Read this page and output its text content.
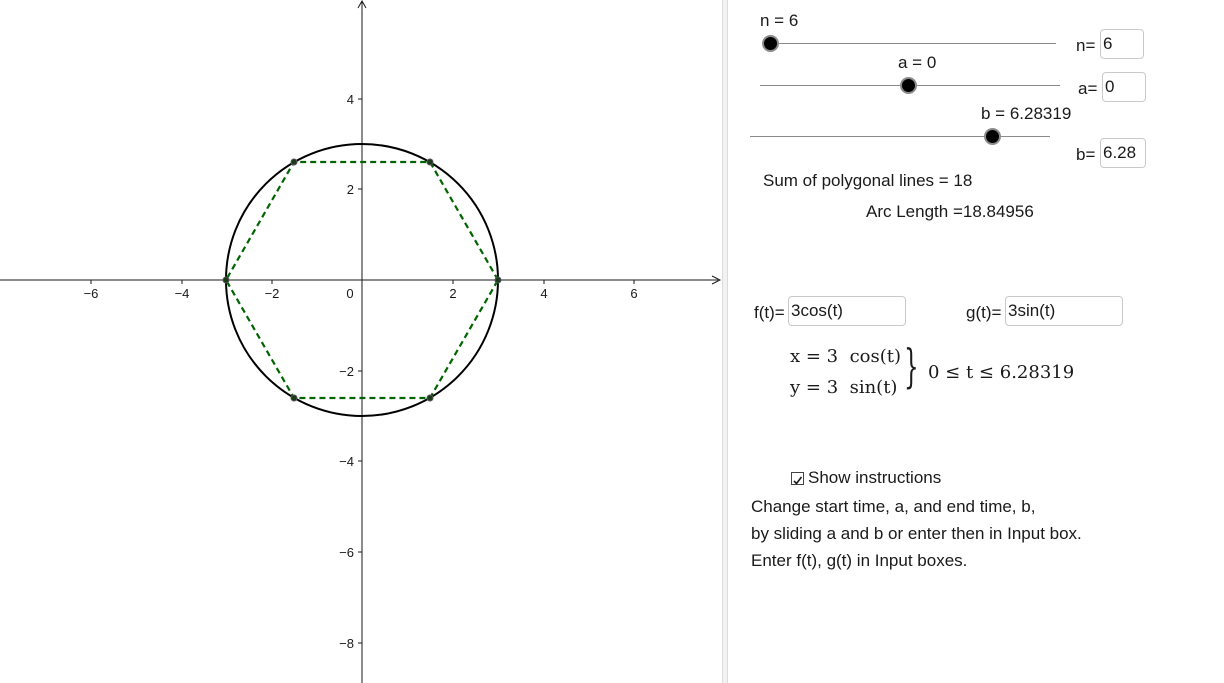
−6	−4	−2	0	2	4	6
4
2
−2
−4
−6
−8
n = 6
n=
6
a = 0
a=
0
b = 6.28319
b=
6.28
Sum of polygonal lines = 18
Arc Length =18.84956
f(t)=
3cos(t)	g(t)=
3sin(t)
x = 3  cos(t)
y = 3  sin(t) } 0 ≤ t ≤ 6.28319
Show instructions
Change start time, a, and end time, b,
by sliding a and b or enter then in Input box.
Enter f(t), g(t) in Input boxes.
